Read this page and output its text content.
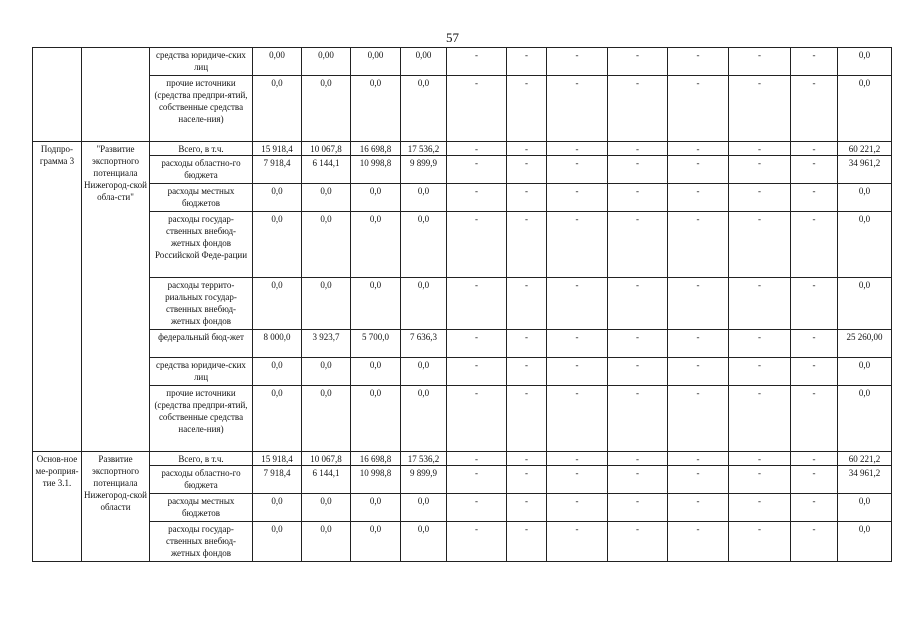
57
		средства юридиче-ских лиц	0,00	0,00	0,00	0,00	-	-	-	-	-	-	-	0,0
		прочие источники (средства предпри-ятий, собственные средства населе-ния)	0,0	0,0	0,0	0,0	-	-	-	-	-	-	-	0,0
Подпро-грамма 3	"Развитие экспортного потенциала Нижегород-ской обла-сти"	Всего, в т.ч.	15 918,4	10 067,8	16 698,8	17 536,2	-	-	-	-	-	-	-	60 221,2
		расходы областно-го бюджета	7 918,4	6 144,1	10 998,8	9 899,9	-	-	-	-	-	-	-	34 961,2
		расходы местных бюджетов	0,0	0,0	0,0	0,0	-	-	-	-	-	-	-	0,0
		расходы государ-ственных внебюд-жетных фондов Российской Феде-рации	0,0	0,0	0,0	0,0	-	-	-	-	-	-	-	0,0
		расходы террито-риальных государ-ственных внебюд-жетных фондов	0,0	0,0	0,0	0,0	-	-	-	-	-	-	-	0,0
		федеральный бюд-жет	8 000,0	3 923,7	5 700,0	7 636,3	-	-	-	-	-	-	-	25 260,00
		средства юридиче-ских лиц	0,0	0,0	0,0	0,0	-	-	-	-	-	-	-	0,0
		прочие источники (средства предпри-ятий, собственные средства населе-ния)	0,0	0,0	0,0	0,0	-	-	-	-	-	-	-	0,0
Основ-ное ме-роприя-тие 3.1.	Развитие экспортного потенциала Нижегород-ской области	Всего, в т.ч.	15 918,4	10 067,8	16 698,8	17 536,2	-	-	-	-	-	-	-	60 221,2
		расходы областно-го бюджета	7 918,4	6 144,1	10 998,8	9 899,9	-	-	-	-	-	-	-	34 961,2
		расходы местных бюджетов	0,0	0,0	0,0	0,0	-	-	-	-	-	-	-	0,0
		расходы государ-ственных внебюд-жетных фондов	0,0	0,0	0,0	0,0	-	-	-	-	-	-	-	0,0
